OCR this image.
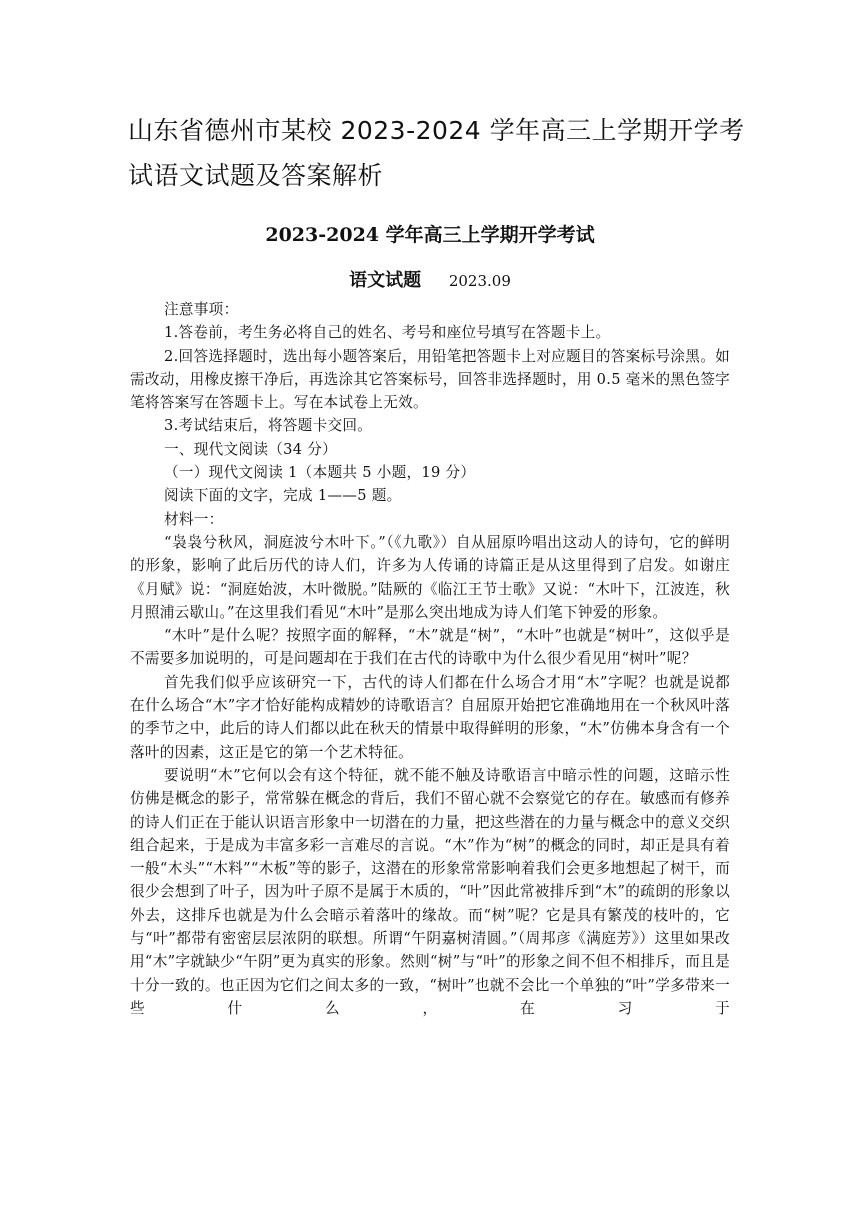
山东省德州市某校 2023-2024 学年高三上学期开学考试语文试题及答案解析
2023-2024 学年高三上学期开学考试
语文试题 2023.09

注意事项：

1.答卷前，考生务必将自己的姓名、考号和座位号填写在答题卡上。

2.回答选择题时，选出每小题答案后，用铅笔把答题卡上对应题目的答案标号涂黑。如需改动，用橡皮擦干净后，再选涂其它答案标号，回答非选择题时，用 0.5 毫米的黑色签字笔将答案写在答题卡上。写在本试卷上无效。

3.考试结束后，将答题卡交回。

一、现代文阅读（34 分）

（一）现代文阅读 1（本题共 5 小题，19 分）

阅读下面的文字，完成 1——5 题。

材料一：

“袅袅兮秋风，洞庭波兮木叶下。”（《九歌》）自从屈原吟唱出这动人的诗句，它的鲜明的形象，影响了此后历代的诗人们，许多为人传诵的诗篇正是从这里得到了启发。如谢庄《月赋》说：“洞庭始波，木叶微脱。”陆厥的《临江王节士歌》又说：“木叶下，江波连，秋月照浦云歇山。”在这里我们看见“木叶”是那么突出地成为诗人们笔下钟爱的形象。

“木叶”是什么呢？按照字面的解释，“木”就是“树”，“木叶”也就是“树叶”，这似乎是不需要多加说明的，可是问题却在于我们在古代的诗歌中为什么很少看见用“树叶”呢？

首先我们似乎应该研究一下，古代的诗人们都在什么场合才用“木”字呢？也就是说都在什么场合“木”字才恰好能构成精妙的诗歌语言？自屈原开始把它准确地用在一个秋风叶落的季节之中，此后的诗人们都以此在秋天的情景中取得鲜明的形象，“木”仿佛本身含有一个落叶的因素，这正是它的第一个艺术特征。

要说明“木”它何以会有这个特征，就不能不触及诗歌语言中暗示性的问题，这暗示性仿佛是概念的影子，常常躲在概念的背后，我们不留心就不会察觉它的存在。敏感而有修养的诗人们正在于能认识语言形象中一切潜在的力量，把这些潜在的力量与概念中的意义交织组合起来，于是成为丰富多彩一言难尽的言说。“木”作为“树”的概念的同时，却正是具有着一般“木头”“木料”“木板”等的影子，这潜在的形象常常影响着我们会更多地想起了树干，而很少会想到了叶子，因为叶子原不是属于木质的，“叶”因此常被排斥到“木”的疏朗的形象以外去，这排斥也就是为什么会暗示着落叶的缘故。而“树”呢？它是具有繁茂的枝叶的，它与“叶”都带有密密层层浓阴的联想。所谓“午阴嘉树清圆。”（周邦彦《满庭芳》）这里如果改用“木”字就缺少“午阴”更为真实的形象。然则“树”与“叶”的形象之间不但不相排斥，而且是十分一致的。也正因为它们之间太多的一致，“树叶”也就不会比一个单独的“叶”学多带来一些什么，在习于
